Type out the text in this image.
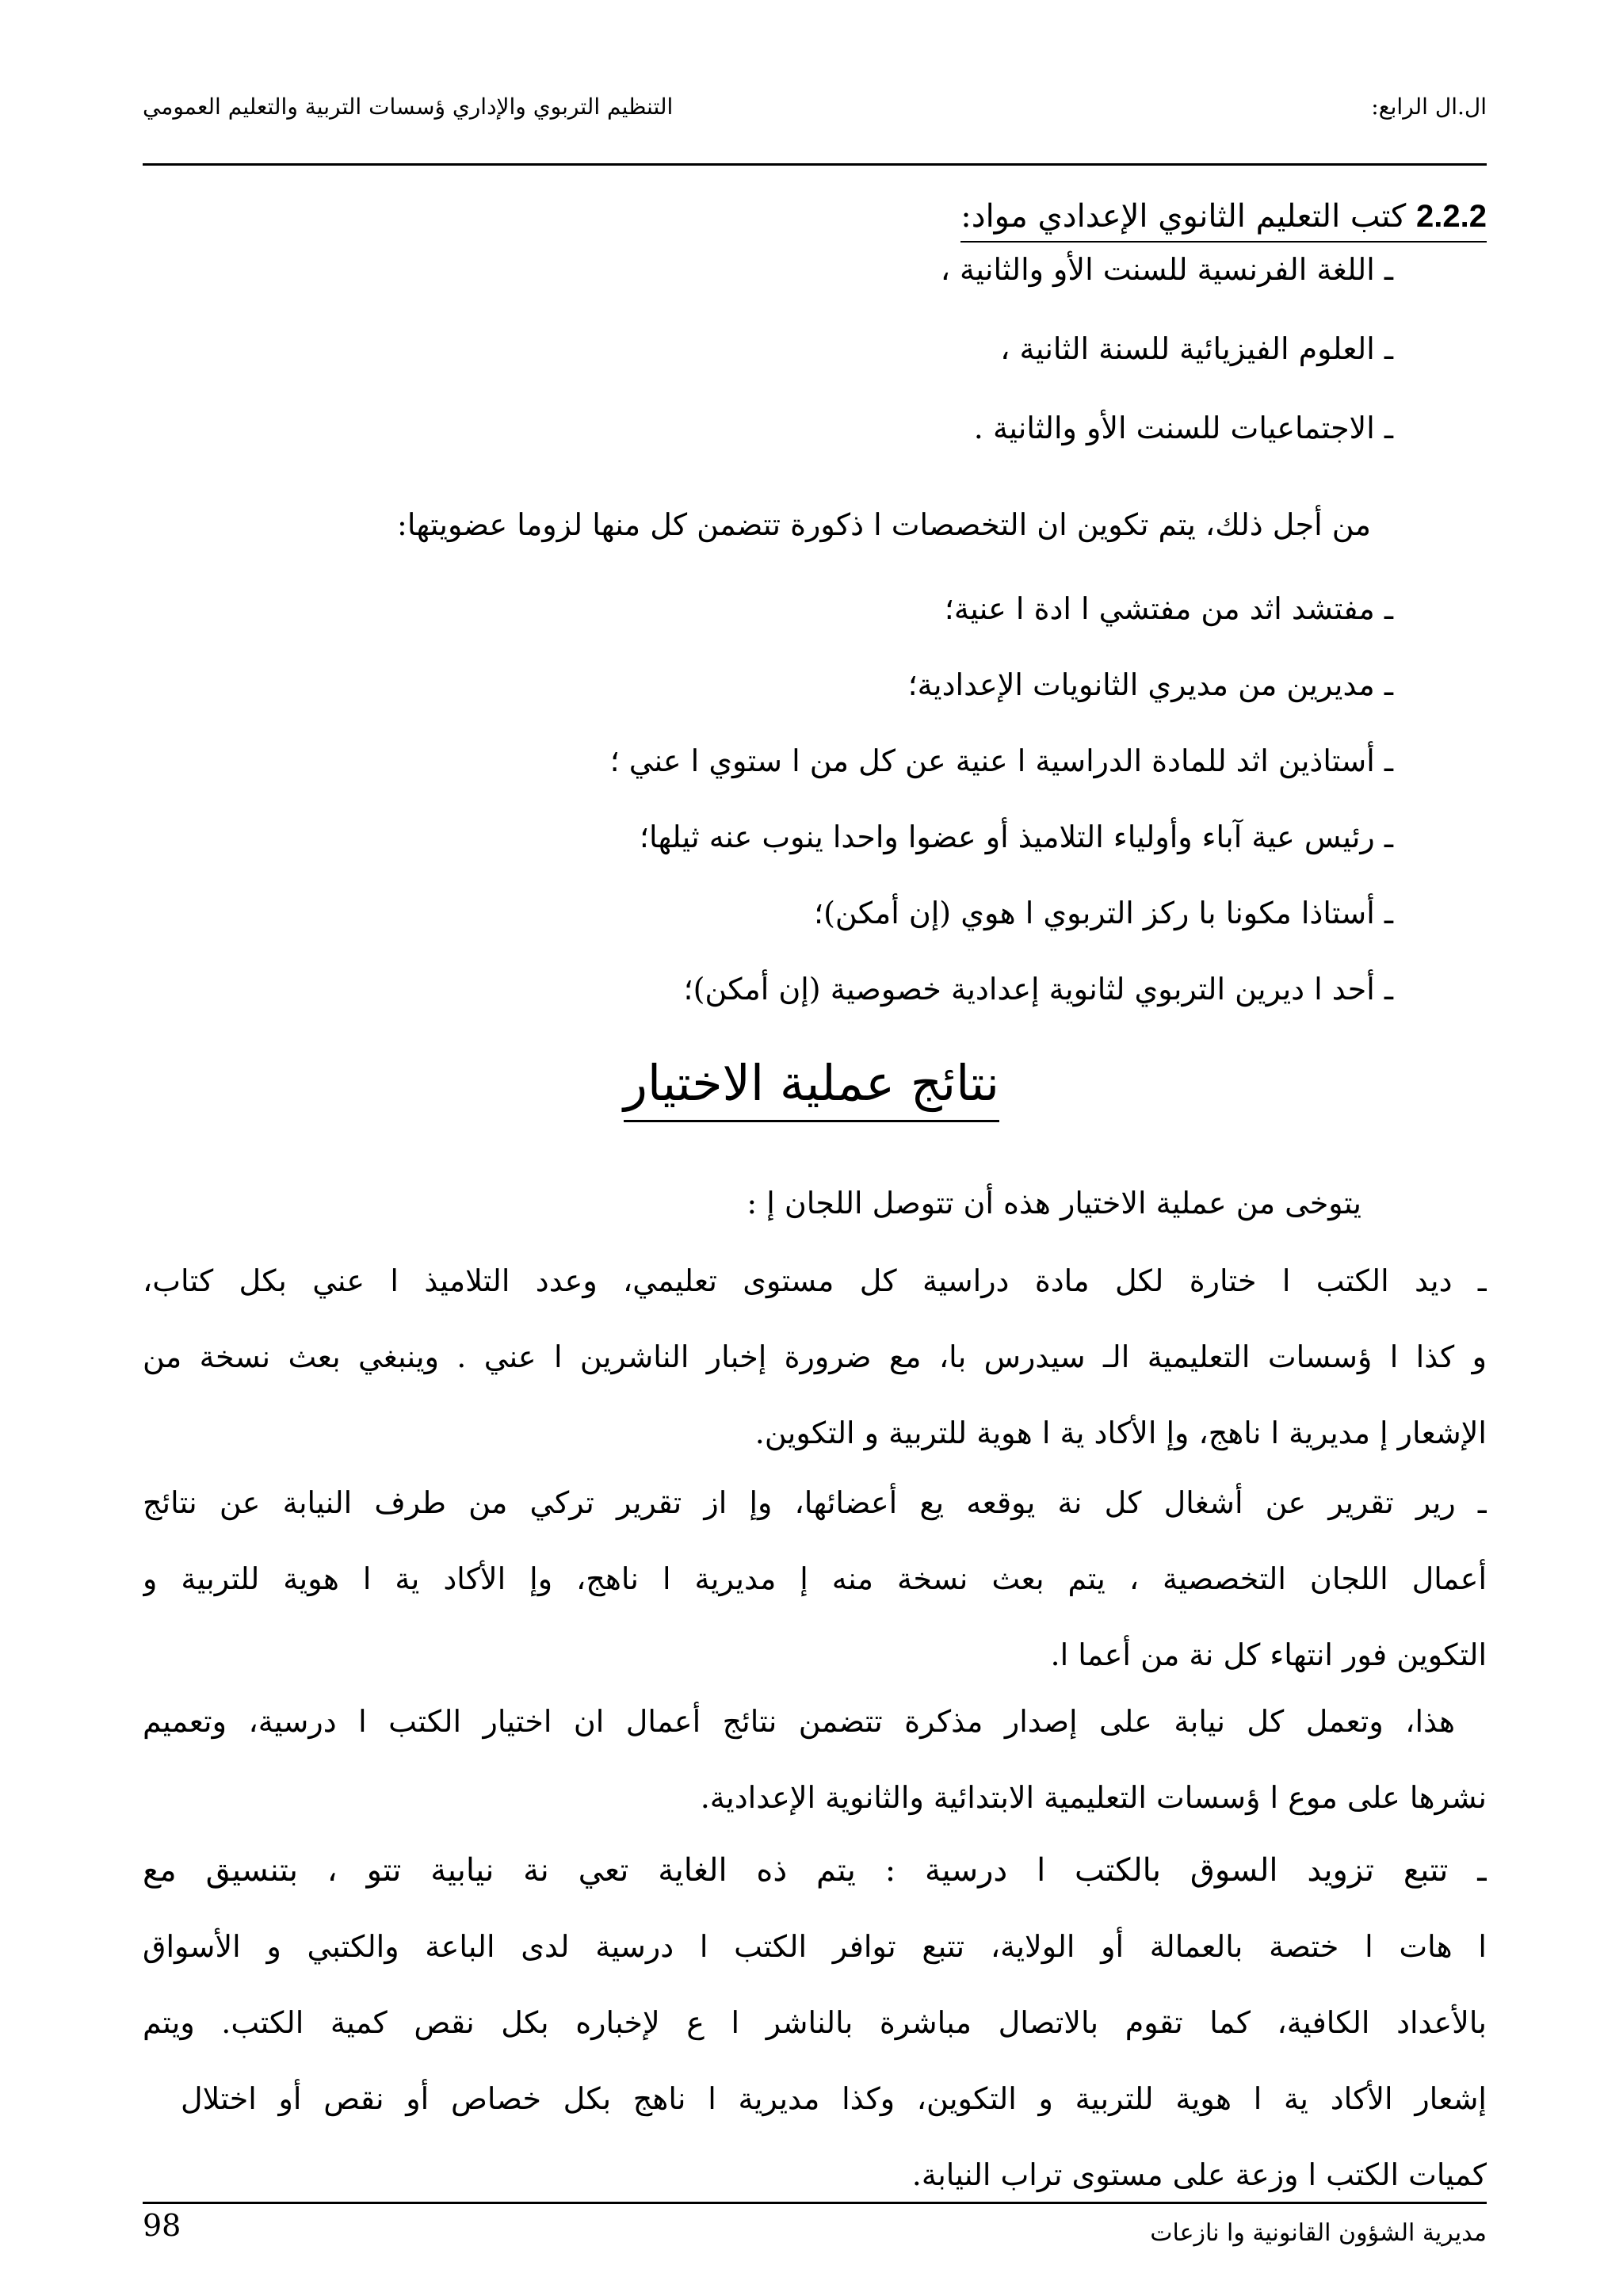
ال.ال الرابع:
التنظيم التربوي والإداري ؤسسات التربية والتعليم العمومي
2.2.2 كتب التعليم الثانوي الإعدادي مواد:
ـ اللغة الفرنسية للسنت الأو والثانية ،
ـ العلوم الفيزيائية للسنة الثانية ،
ـ الاجتماعيات للسنت الأو والثانية .
من أجل ذلك، يتم تكوين ان التخصصات ا ذكورة تتضمن كل منها لزوما عضويتها:
ـ مفتشد اثد من مفتشي ا ادة ا عنية؛
ـ مديرين من مديري الثانويات الإعدادية؛
ـ أستاذين اثد للمادة الدراسية ا عنية عن كل من ا ستوي ا عني ؛
ـ رئيس عية آباء وأولياء التلاميذ أو عضوا واحدا ينوب عنه ثيلها؛
ـ أستاذا مكونا با ركز التربوي ا هوي (إن أمكن)؛
ـ أحد ا ديرين التربوي لثانوية إعدادية خصوصية (إن أمكن)؛
نتائج عملية الاختيار
يتوخى من عملية الاختيار هذه أن تتوصل اللجان إ :
ـ ديد الكتب ا ختارة لكل مادة دراسية كل مستوى تعليمي، وعدد التلاميذ ا عني بكل كتاب،
و كذا ا ؤسسات التعليمية الـ سيدرس با، مع ضرورة إخبار الناشرين ا عني . وينبغي بعث نسخة من
الإشعار إ مديرية ا ناهج، وإ الأكاد ية ا هوية للتربية و التكوين.
ـ رير تقرير عن أشغال كل نة يوقعه يع أعضائها، وإ از تقرير تركي من طرف النيابة عن نتائج
أعمال اللجان التخصصية ، يتم بعث نسخة منه إ مديرية ا ناهج، وإ الأكاد ية ا هوية للتربية و
التكوين فور انتهاء كل نة من أعما ا.
هذا، وتعمل كل نيابة على إصدار مذكرة تتضمن نتائج أعمال ان اختيار الكتب ا درسية، وتعميم
نشرها على موع ا ؤسسات التعليمية الابتدائية والثانوية الإعدادية.
ـ تتبع تزويد السوق بالكتب ا درسية : يتم ذه الغاية تعي نة نيابية تتو ، بتنسيق مع
ا هات ا ختصة بالعمالة أو الولاية، تتبع توافر الكتب ا درسية لدى الباعة والكتبي و الأسواق
بالأعداد الكافية، كما تقوم بالاتصال مباشرة بالناشر ا ع لإخباره بكل نقص كمية الكتب. ويتم
إشعار الأكاد ية ا هوية للتربية و التكوين، وكذا مديرية ا ناهج بكل خصاص أو نقص أو اختلال
كميات الكتب ا وزعة على مستوى تراب النيابة.
98	مديرية الشؤون القانونية وا نازعات
